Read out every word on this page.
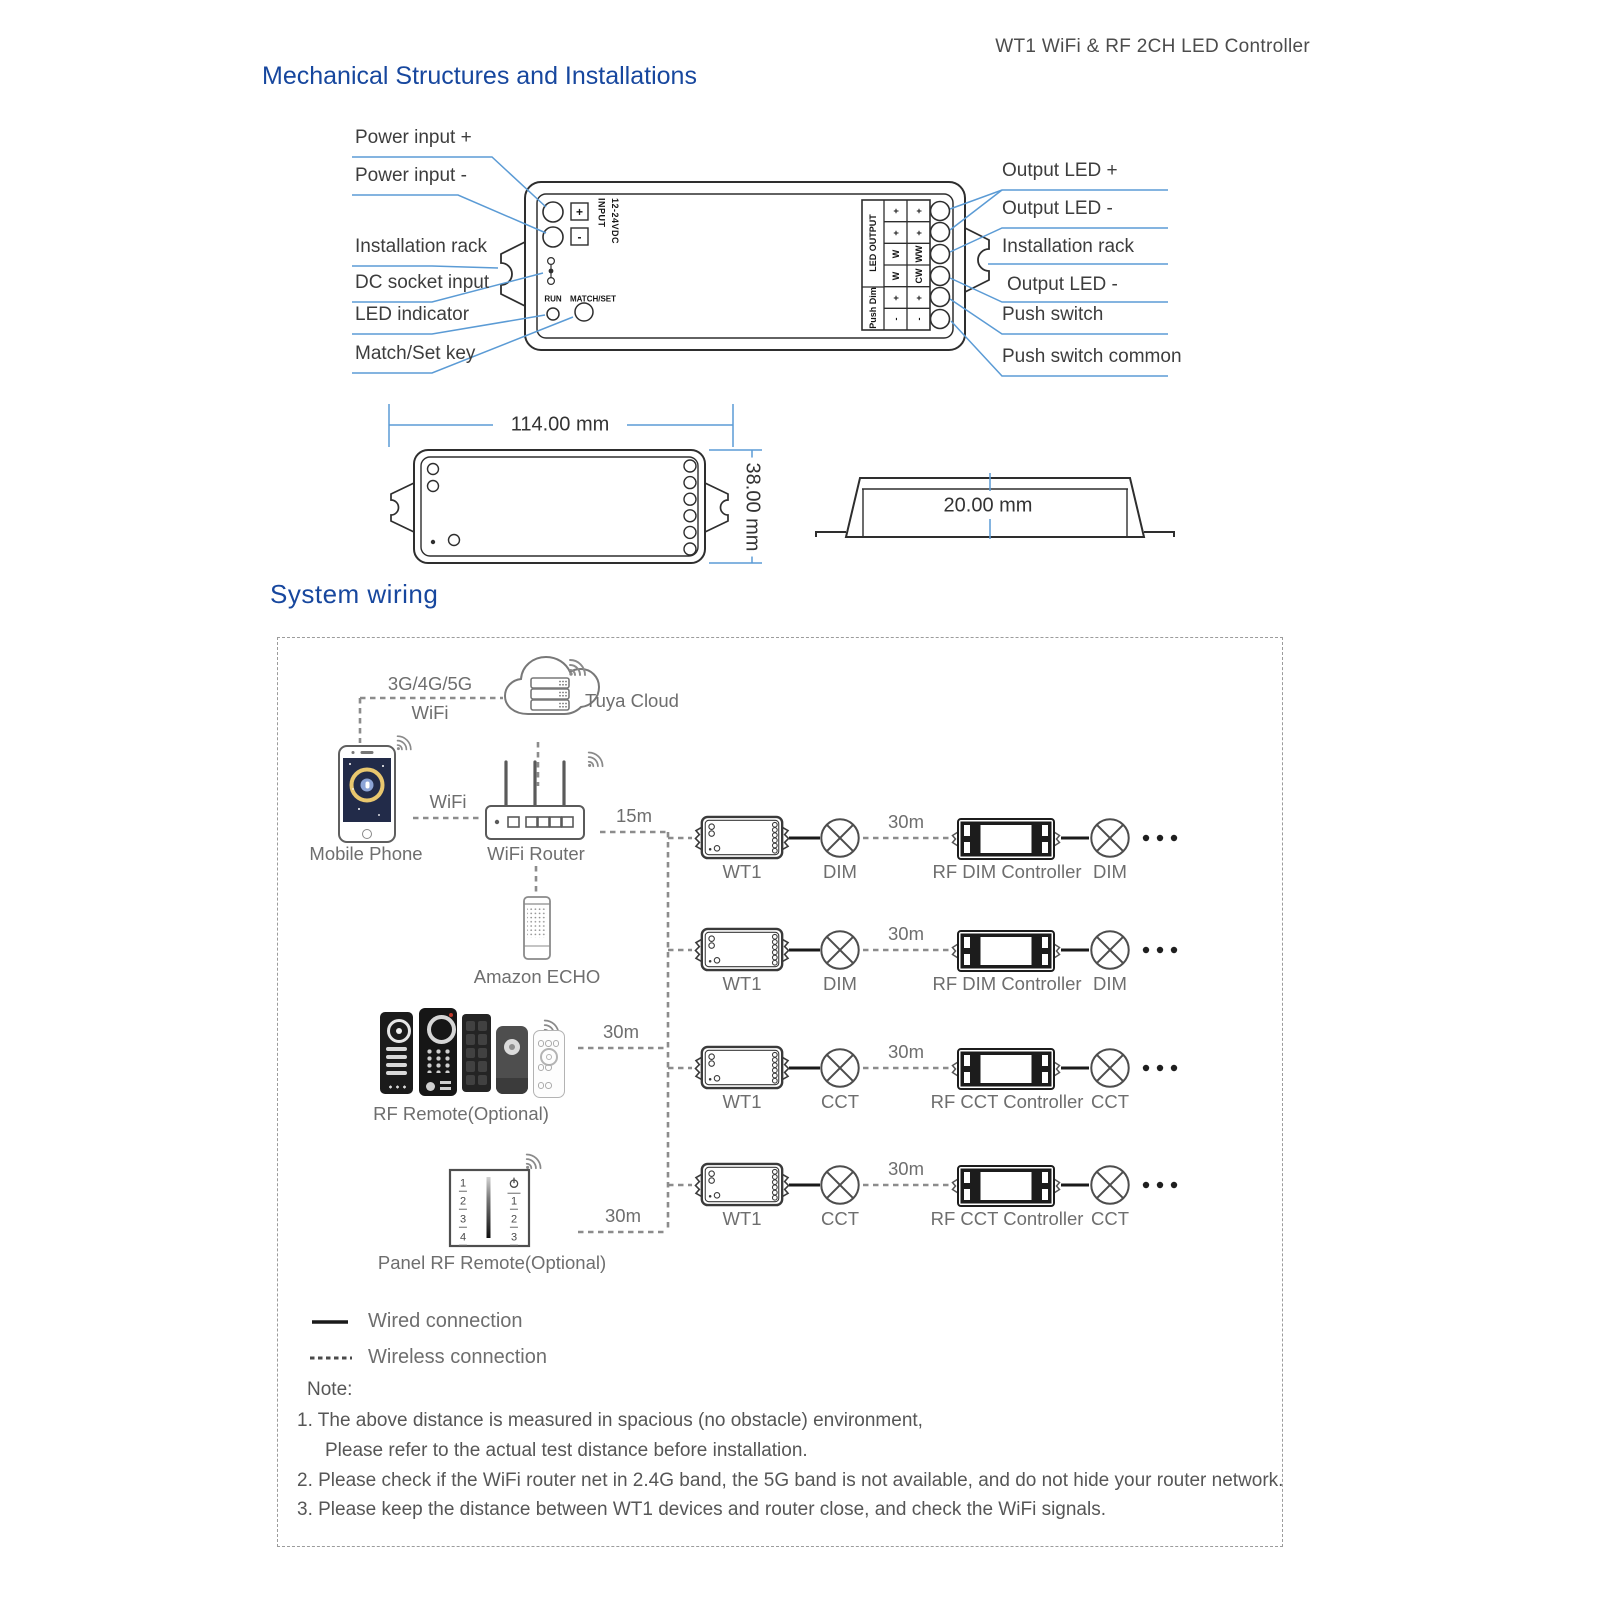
WT1 WiFi & RF 2CH LED Controller
Mechanical Structures and Installations
System wiring
Power input +
Power input -
Installation rack
DC socket input
LED indicator
Match/Set key
Output LED +
Output LED -
Installation rack
Output LED -
Push switch
Push switch common
+
-
INPUT 12-24VDC
RUN MATCH/SET
LED OUTPUT
Push Dim
+
+
W
W
+
-
+
+
WW
CW
+
-
114.00 mm
38.00 mm	20.00 mm
3G/4G/5G
WiFi
Tuya Cloud
Mobile Phone
WiFi
WiFi Router
15m
Amazon ECHO
RF Remote(Optional)
30m
Panel RF Remote(Optional)
30m
WT1	DIM
30m
RF DIM Controller DIM
WT1	DIM
30m
RF DIM Controller DIM
WT1	CCT
30m
RF CCT Controller CCT
WT1	CCT
30m
RF CCT Controller CCT
Wired connection
Wireless connection
Note:
1. The above distance is measured in spacious (no obstacle) environment,
Please refer to the actual test distance before installation.
2. Please check if the WiFi router net in 2.4G band, the 5G band is not available, and do not hide your router network.
3. Please keep the distance between WT1 devices and router close, and check the WiFi signals.
1
2
3
4
1
2
3
